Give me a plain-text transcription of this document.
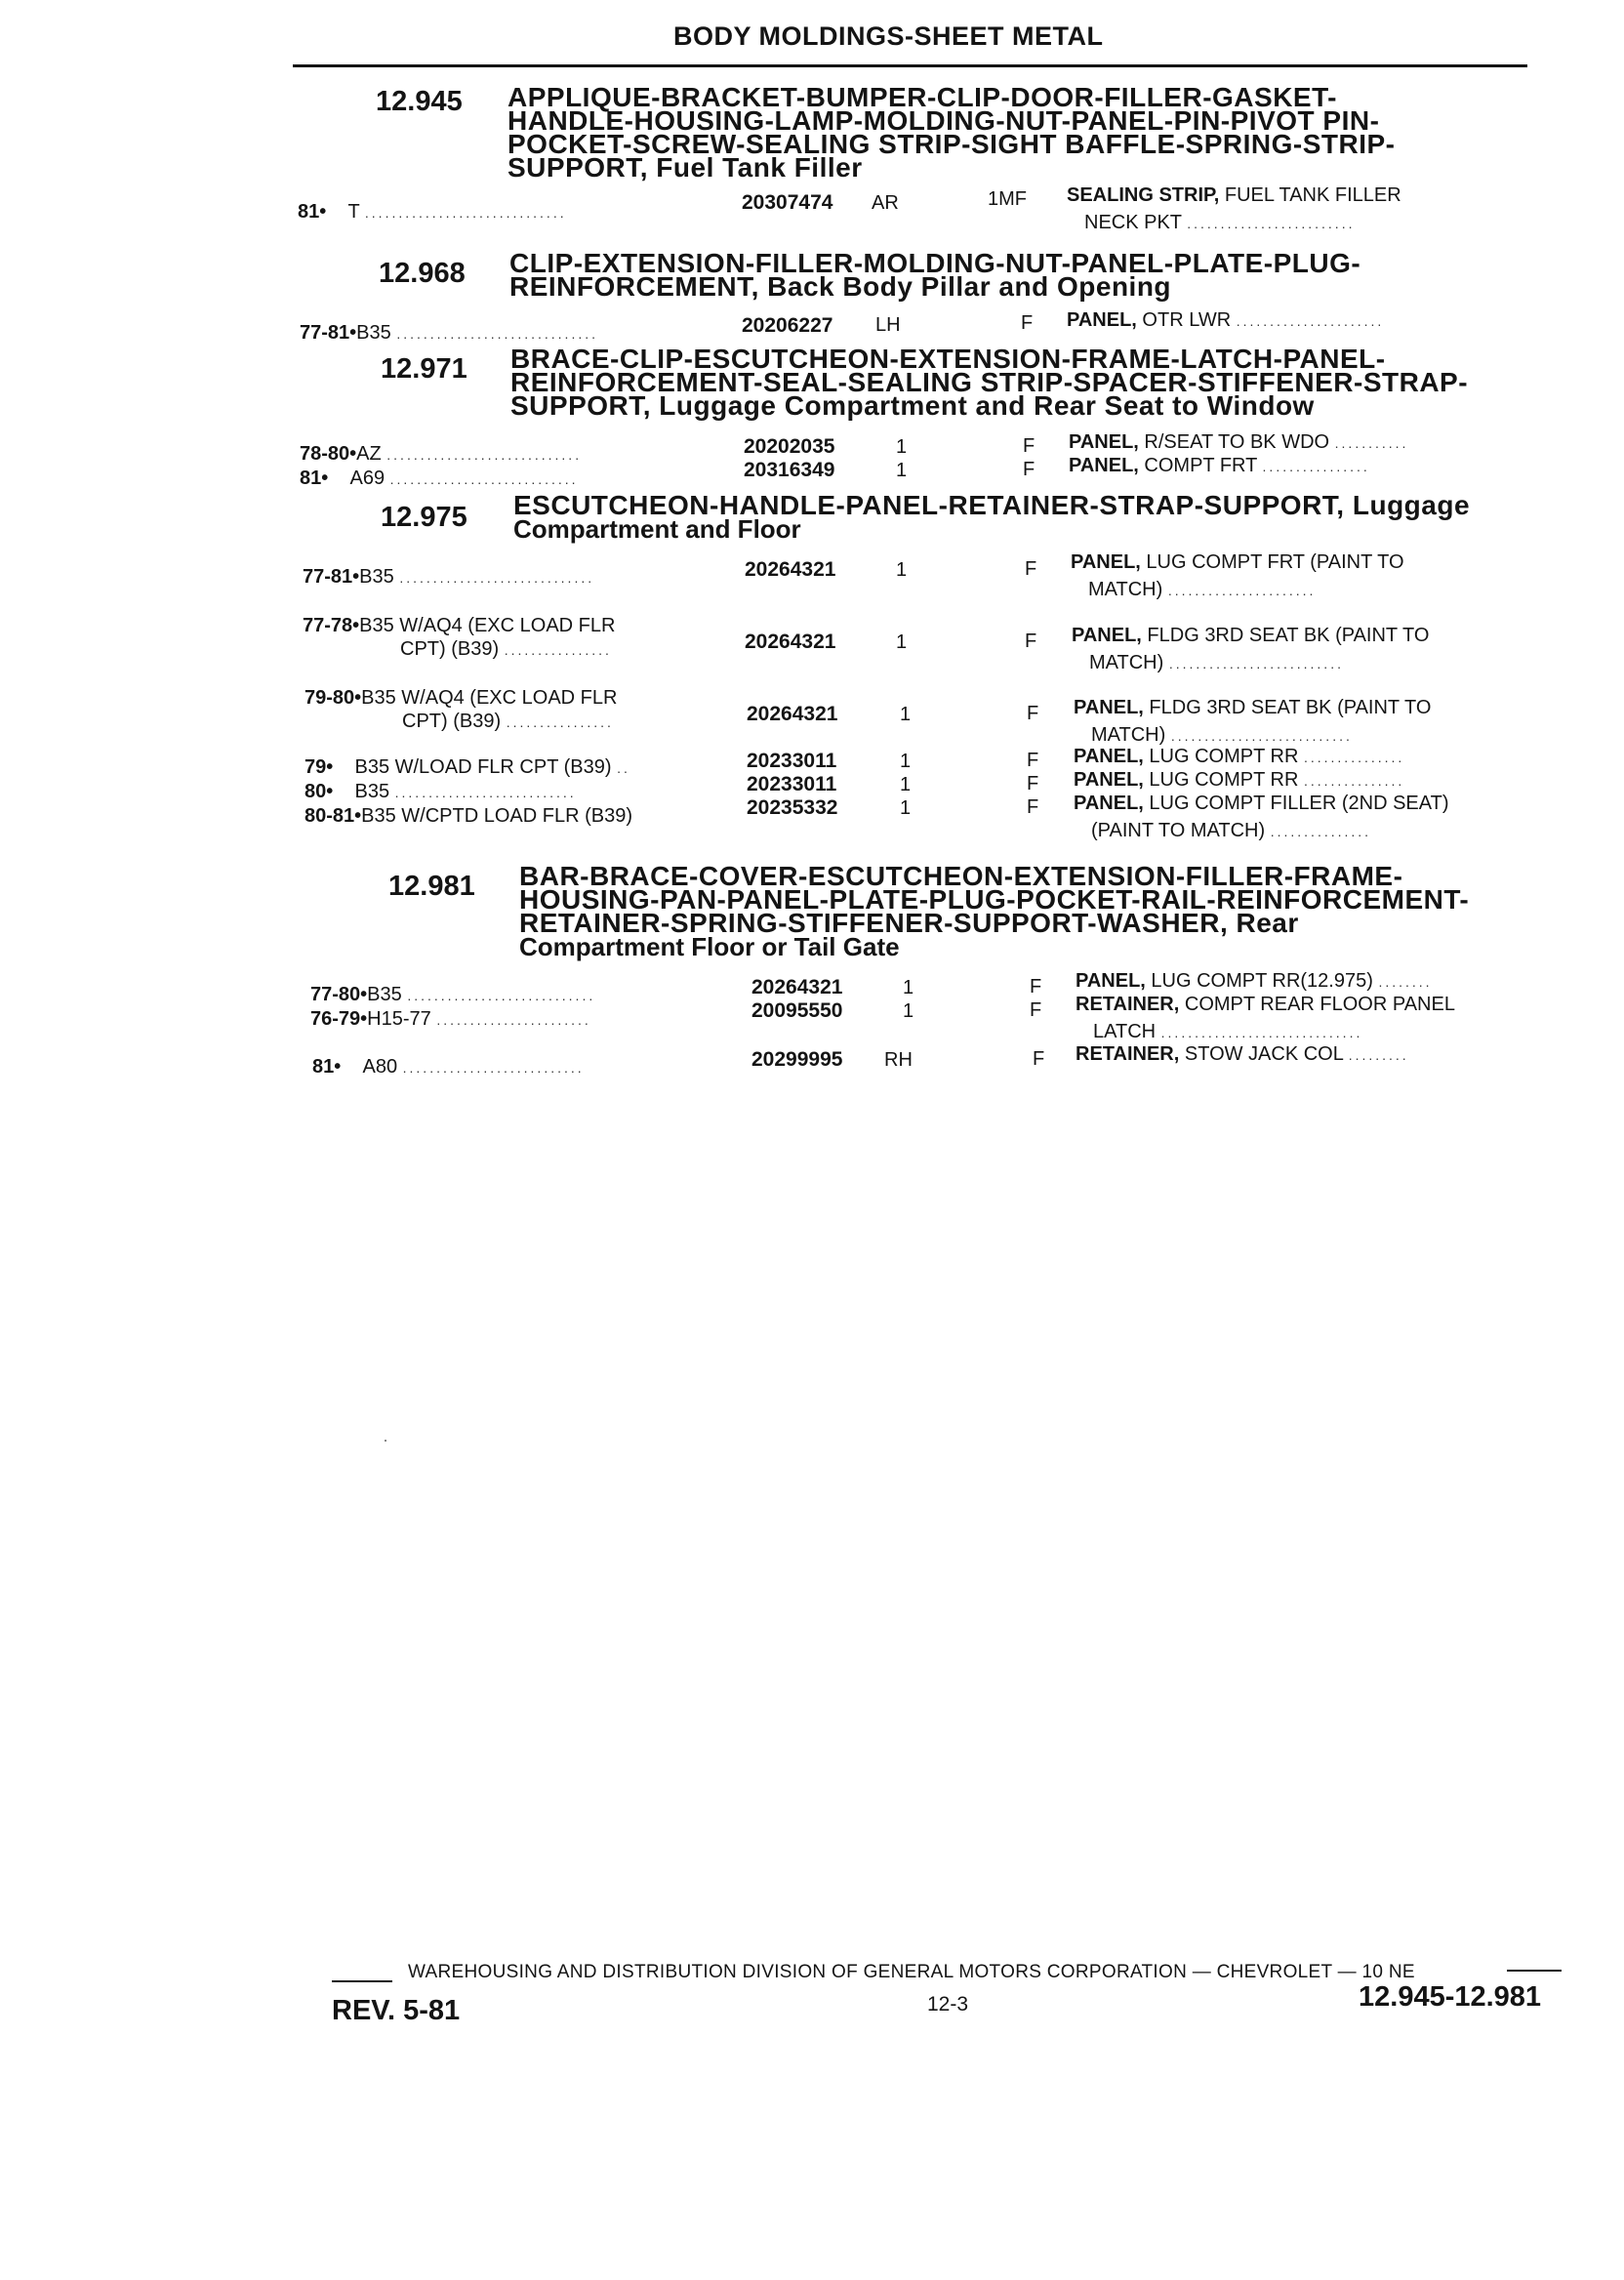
BODY MOLDINGS-SHEET METAL
12.945 APPLIQUE-BRACKET-BUMPER-CLIP-DOOR-FILLER-GASKET-
HANDLE-HOUSING-LAMP-MOLDING-NUT-PANEL-PIN-PIVOT PIN-
POCKET-SCREW-SEALING STRIP-SIGHT BAFFLE-SPRING-STRIP-
SUPPORT, Fuel Tank Filler
81• T ..............................	20307474 AR	1MF SEALING STRIP, FUEL TANK FILLER
NECK PKT .........................
12.968 CLIP-EXTENSION-FILLER-MOLDING-NUT-PANEL-PLATE-PLUG-
REINFORCEMENT, Back Body Pillar and Opening
77-81•B35 ..............................	20206227 LH	F PANEL, OTR LWR ......................
12.971 BRACE-CLIP-ESCUTCHEON-EXTENSION-FRAME-LATCH-PANEL-
REINFORCEMENT-SEAL-SEALING STRIP-SPACER-STIFFENER-STRAP-
SUPPORT, Luggage Compartment and Rear Seat to Window
78-80•AZ .............................	20202035	1	F PANEL, R/SEAT TO BK WDO ...........
81• A69 ............................	20316349	1	F PANEL, COMPT FRT ................
12.975 ESCUTCHEON-HANDLE-PANEL-RETAINER-STRAP-SUPPORT, Luggage
Compartment and Floor
77-81•B35 .............................	20264321	1	F PANEL, LUG COMPT FRT (PAINT TO
MATCH) ......................
77-78•B35 W/AQ4 (EXC LOAD FLR
CPT) (B39) ................	20264321	1	F PANEL, FLDG 3RD SEAT BK (PAINT TO
MATCH) ..........................
79-80•B35 W/AQ4 (EXC LOAD FLR
CPT) (B39) ................	20264321	1	F PANEL, FLDG 3RD SEAT BK (PAINT TO
MATCH) ...........................
79• B35 W/LOAD FLR CPT (B39) ..	20233011	1	F PANEL, LUG COMPT RR ...............
80• B35 ...........................	20233011	1	F PANEL, LUG COMPT RR ...............
80-81•B35 W/CPTD LOAD FLR (B39)	20235332	1	F PANEL, LUG COMPT FILLER (2ND SEAT)
(PAINT TO MATCH) ...............
12.981 BAR-BRACE-COVER-ESCUTCHEON-EXTENSION-FILLER-FRAME-
HOUSING-PAN-PANEL-PLATE-PLUG-POCKET-RAIL-REINFORCEMENT-
RETAINER-SPRING-STIFFENER-SUPPORT-WASHER, Rear
Compartment Floor or Tail Gate
77-80•B35 ............................	20264321	1	F PANEL, LUG COMPT RR(12.975) ........
76-79•H15-77 .......................	20095550	1	F RETAINER, COMPT REAR FLOOR PANEL
LATCH ..............................
81• A80 ...........................	20299995 RH	F RETAINER, STOW JACK COL .........
WAREHOUSING AND DISTRIBUTION DIVISION OF GENERAL MOTORS CORPORATION — CHEVROLET — 10 NE
REV. 5-81	12-3	12.945-12.981
